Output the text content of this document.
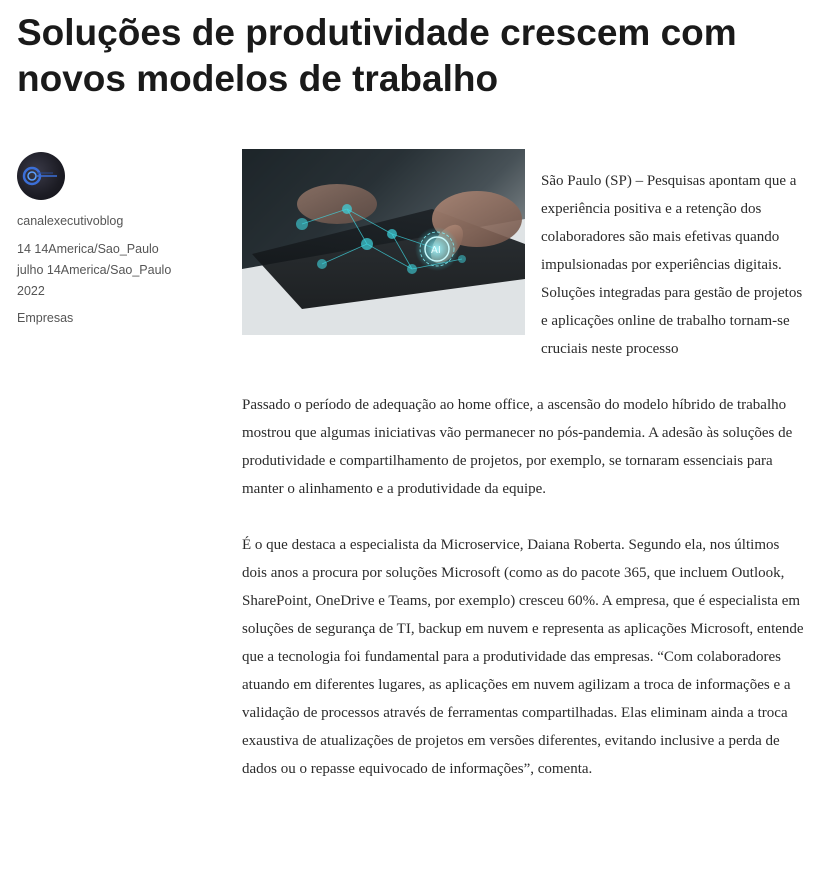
Soluções de produtividade crescem com novos modelos de trabalho
canalexecutivoblog
14 14America/Sao_Paulo julho 14America/Sao_Paulo 2022
Empresas
AI

São Paulo (SP) – Pesquisas apontam que a experiência positiva e a retenção dos colaboradores são mais efetivas quando impulsionadas por experiências digitais. Soluções integradas para gestão de projetos e aplicações online de trabalho tornam-se cruciais neste processo

Passado o período de adequação ao home office, a ascensão do modelo híbrido de trabalho mostrou que algumas iniciativas vão permanecer no pós-pandemia. A adesão às soluções de produtividade e compartilhamento de projetos, por exemplo, se tornaram essenciais para manter o alinhamento e a produtividade da equipe.

É o que destaca a especialista da Microservice, Daiana Roberta. Segundo ela, nos últimos dois anos a procura por soluções Microsoft (como as do pacote 365, que incluem Outlook, SharePoint, OneDrive e Teams, por exemplo) cresceu 60%. A empresa, que é especialista em soluções de segurança de TI, backup em nuvem e representa as aplicações Microsoft, entende que a tecnologia foi fundamental para a produtividade das empresas. “Com colaboradores atuando em diferentes lugares, as aplicações em nuvem agilizam a troca de informações e a validação de processos através de ferramentas compartilhadas. Elas eliminam ainda a troca exaustiva de atualizações de projetos em versões diferentes, evitando inclusive a perda de dados ou o repasse equivocado de informações”, comenta.
